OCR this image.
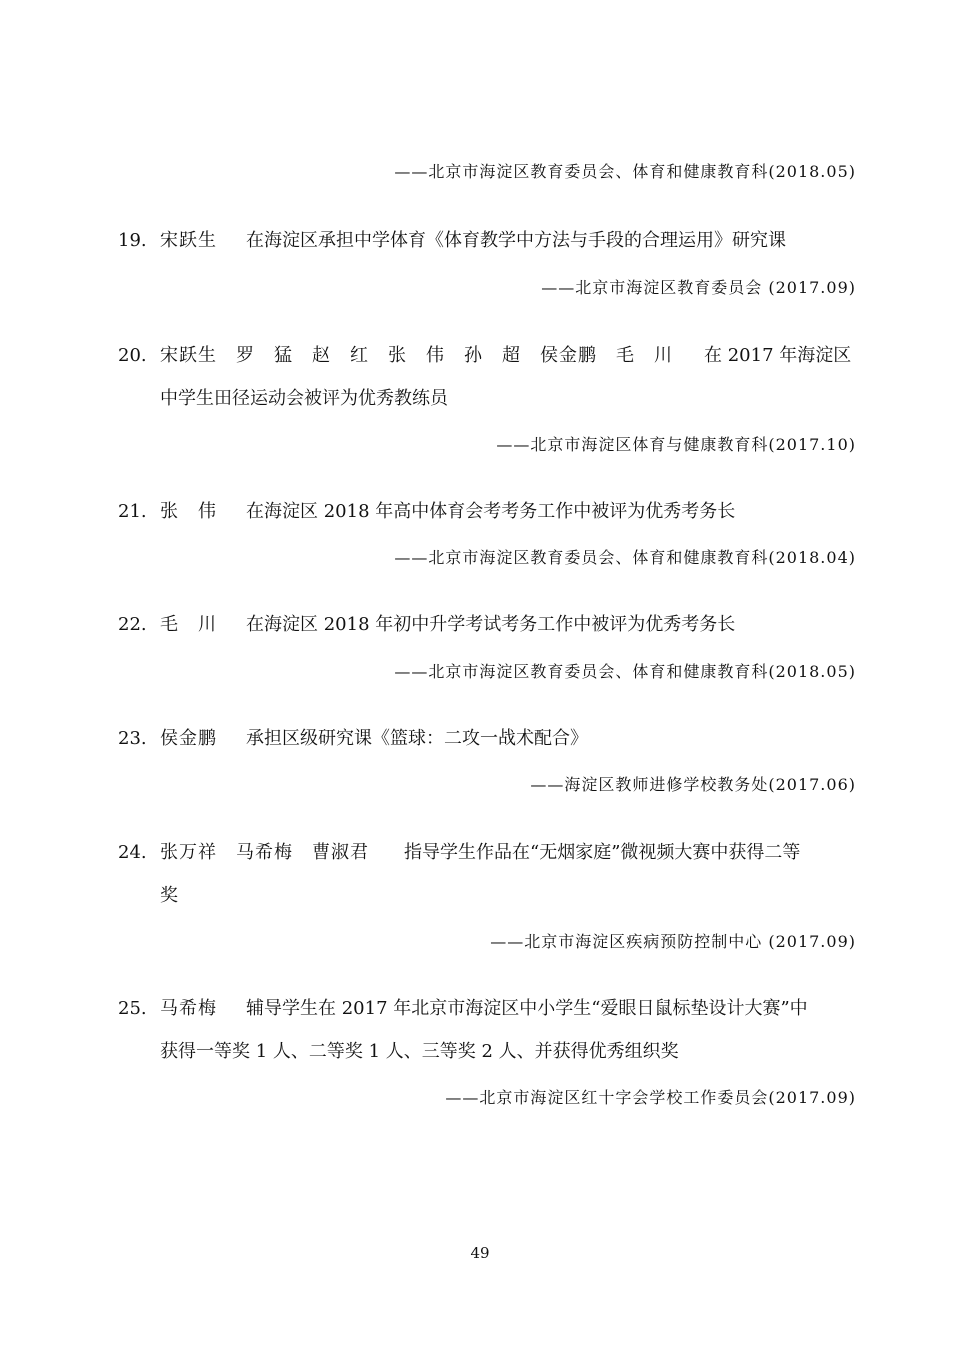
——北京市海淀区教育委员会、体育和健康教育科(2018.05)
19. 宋跃生 在海淀区承担中学体育《体育教学中方法与手段的合理运用》研究课
——北京市海淀区教育委员会 (2017.09)
20. 宋跃生　罗　猛　赵　红　张　伟　孙　超　侯金鹏　毛　川 在 2017 年海淀区
中学生田径运动会被评为优秀教练员
——北京市海淀区体育与健康教育科(2017.10)
21. 张　伟 在海淀区 2018 年高中体育会考考务工作中被评为优秀考务长
——北京市海淀区教育委员会、体育和健康教育科(2018.04)
22. 毛　川 在海淀区 2018 年初中升学考试考务工作中被评为优秀考务长
——北京市海淀区教育委员会、体育和健康教育科(2018.05)
23. 侯金鹏 承担区级研究课《篮球：二攻一战术配合》
——海淀区教师进修学校教务处(2017.06)
24. 张万祥　马希梅　曹淑君 指导学生作品在“无烟家庭”微视频大赛中获得二等
奖
——北京市海淀区疾病预防控制中心 (2017.09)
25. 马希梅 辅导学生在 2017 年北京市海淀区中小学生“爱眼日鼠标垫设计大赛”中
获得一等奖 1 人、二等奖 1 人、三等奖 2 人、并获得优秀组织奖
——北京市海淀区红十字会学校工作委员会(2017.09)
49
